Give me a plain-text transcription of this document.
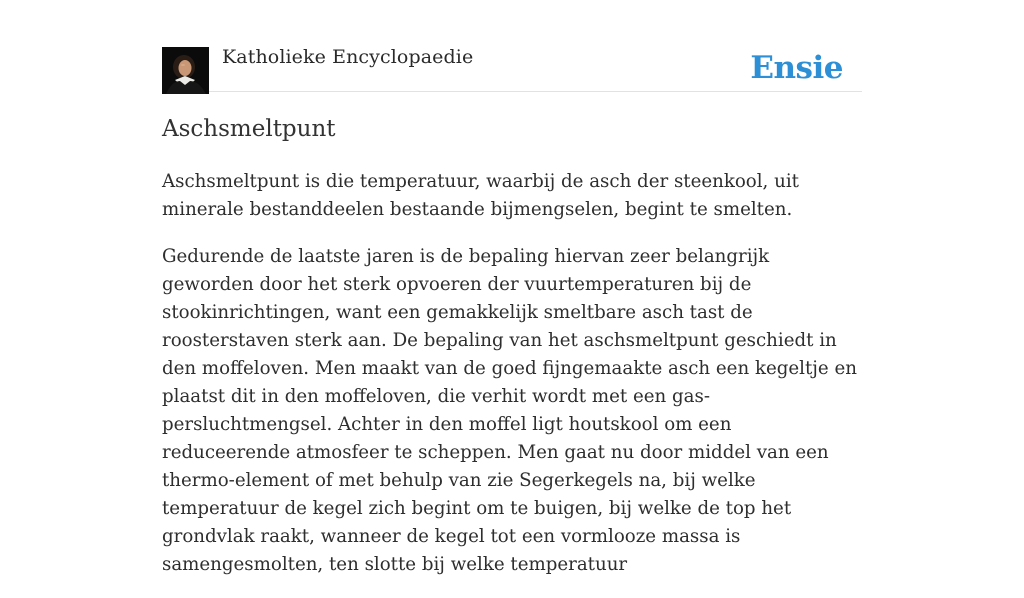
Katholieke Encyclopaedie	Ensie
Aschsmeltpunt

Aschsmeltpunt is die temperatuur, waarbij de asch der steenkool, uit minerale bestanddeelen bestaande bijmengselen, begint te smelten.

Gedurende de laatste jaren is de bepaling hiervan zeer belangrijk geworden door het sterk opvoeren der vuurtemperaturen bij de stookinrichtingen, want een gemakkelijk smeltbare asch tast de roosterstaven sterk aan. De bepaling van het aschsmeltpunt geschiedt in den moffeloven. Men maakt van de goed fijngemaakte asch een kegeltje en plaatst dit in den moffeloven, die verhit wordt met een gas-persluchtmengsel. Achter in den moffel ligt houtskool om een reduceerende atmosfeer te scheppen. Men gaat nu door middel van een thermo-element of met behulp van zie Segerkegels na, bij welke temperatuur de kegel zich begint om te buigen, bij welke de top het grondvlak raakt, wanneer de kegel tot een vormlooze massa is samengesmolten, ten slotte bij welke temperatuur
